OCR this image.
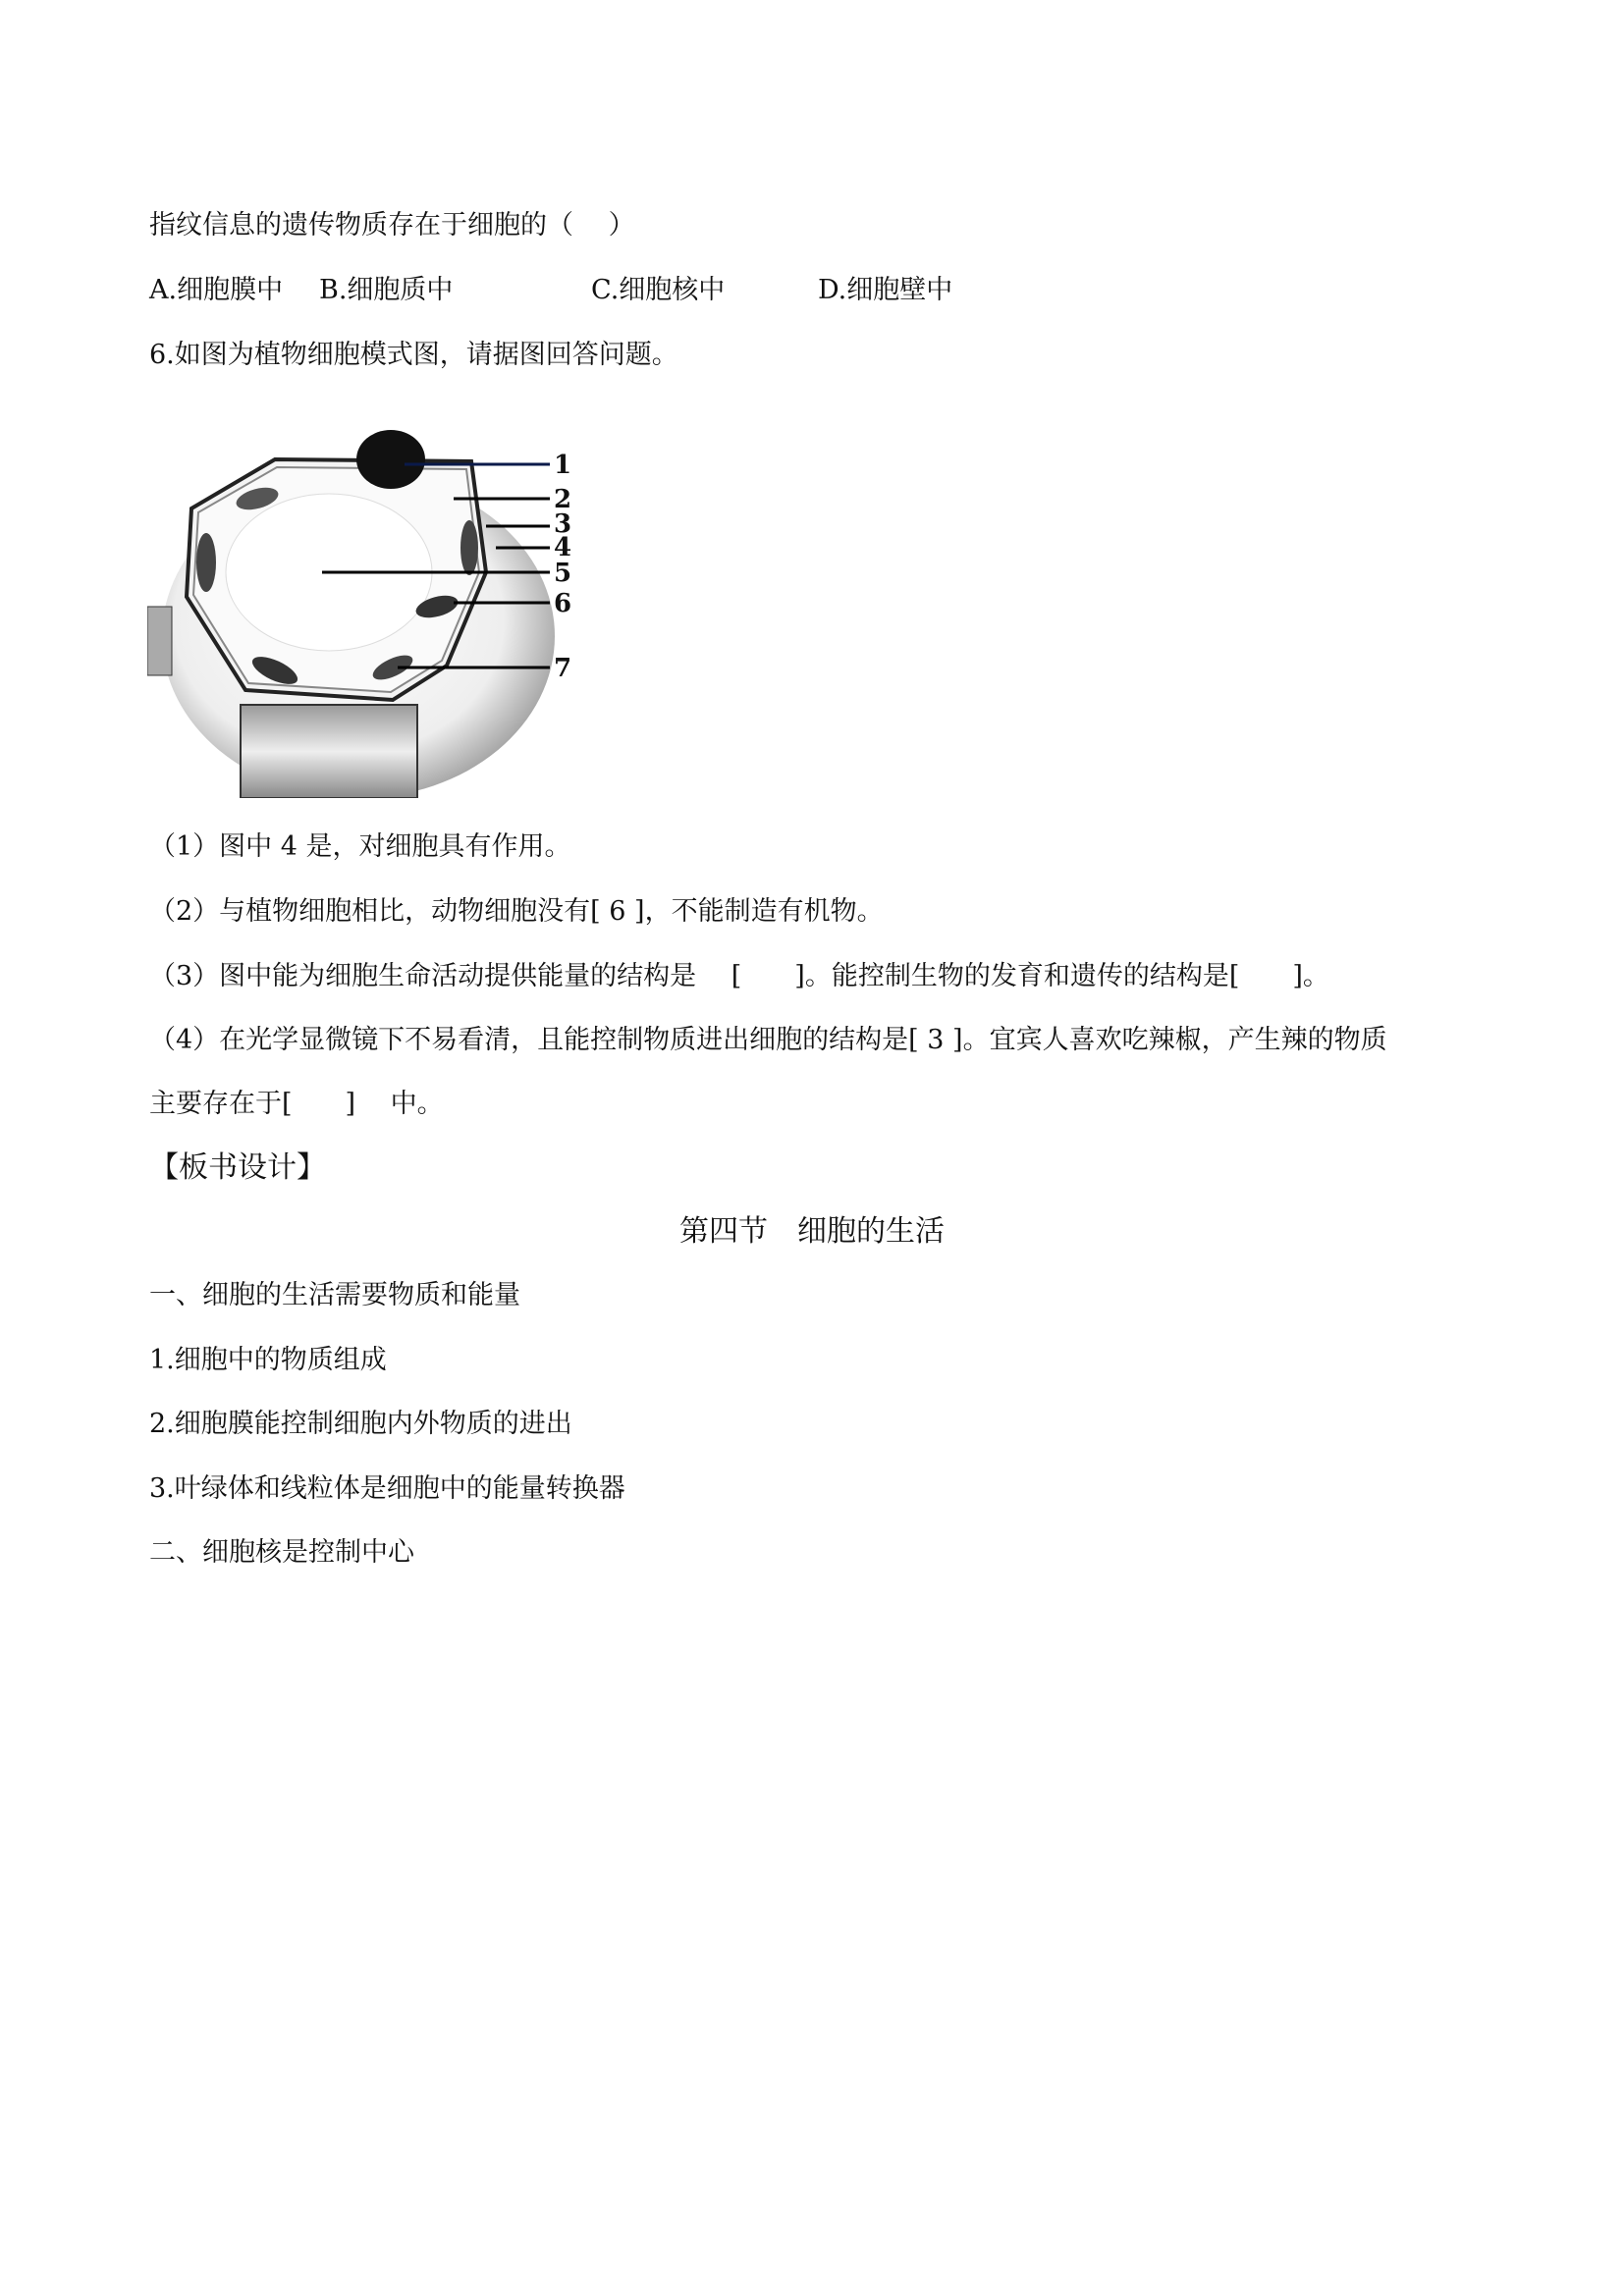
指纹信息的遗传物质存在于细胞的（　 ）
A.细胞膜中 B.细胞质中	C.细胞核中	D.细胞壁中
6.如图为植物细胞模式图，请据图回答问题。
1
2
3
4
5
6
7
（1）图中 4 是，对细胞具有作用。
（2）与植物细胞相比，动物细胞没有[ 6 ]，不能制造有机物。
（3）图中能为细胞生命活动提供能量的结构是　 [　　]。能控制生物的发育和遗传的结构是[　　]。
（4）在光学显微镜下不易看清，且能控制物质进出细胞的结构是[ 3 ]。宜宾人喜欢吃辣椒，产生辣的物质
主要存在于[　　]　 中。
【板书设计】
第四节　细胞的生活
一、细胞的生活需要物质和能量
1.细胞中的物质组成
2.细胞膜能控制细胞内外物质的进出
3.叶绿体和线粒体是细胞中的能量转换器
二、细胞核是控制中心
